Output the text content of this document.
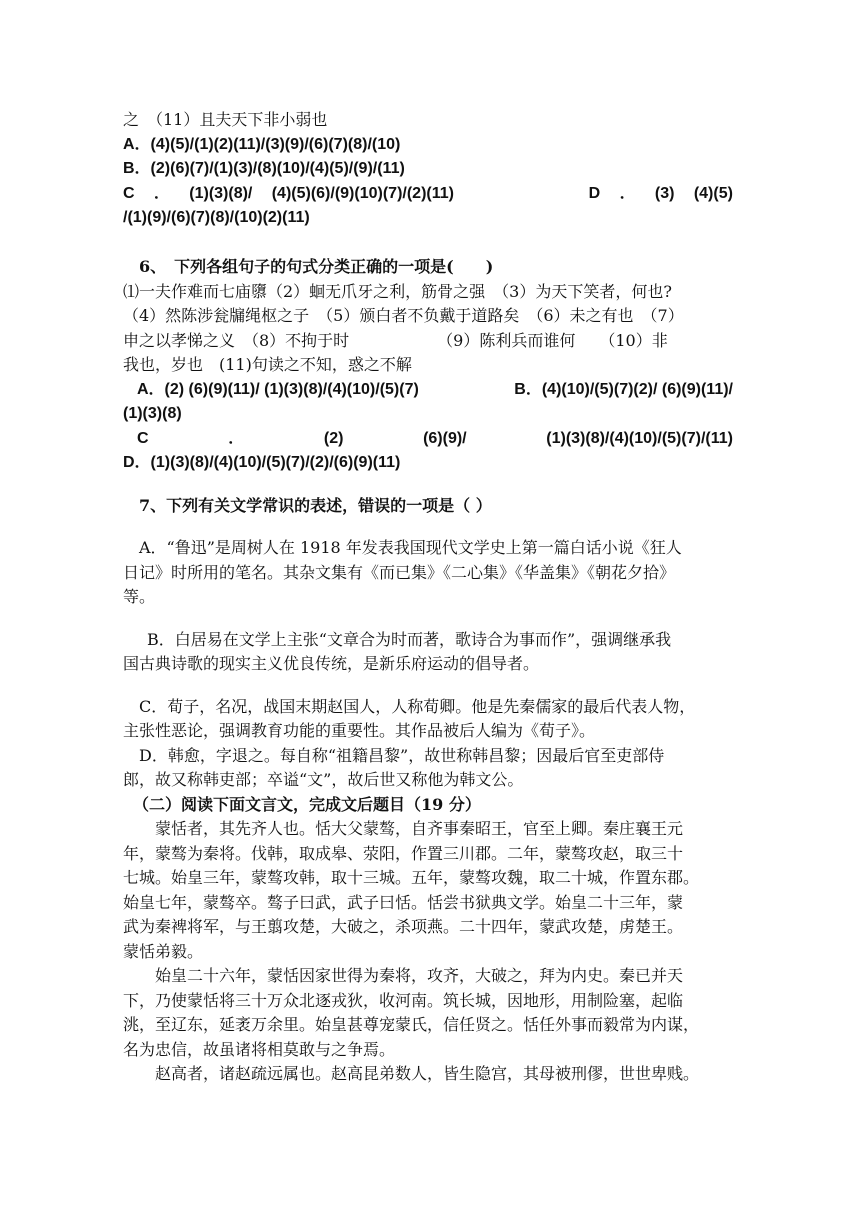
之　（11）且夫天下非小弱也
A．(4)(5)/(1)(2)(11)/(3)(9)/(6)(7)(8)/(10)
B．(2)(6)(7)/(1)(3)/(8)(10)/(4)(5)/(9)/(11)
C ． (1)(3)(8)/ (4)(5)(6)/(9)(10)(7)/(2)(11)	D ． (3) (4)(5)
/(1)(9)/(6)(7)(8)/(10)(2)(11)
6、　下列各组句子的句式分类正确的一项是(　　)
⑴一夫作难而七庙隳（2）蛔无爪牙之利，筋骨之强　（3）为天下笑者，何也?
（4）然陈涉瓮牖绳枢之子　（5）颁白者不负戴于道路矣　（6）未之有也　（7）
申之以孝悌之义　（8）不拘于时　　　　　　（9）陈利兵而谁何　　（10）非
我也，岁也　(11)句读之不知，惑之不解
A．(2) (6)(9)(11)/ (1)(3)(8)/(4)(10)/(5)(7)	B．(4)(10)/(5)(7)(2)/ (6)(9)(11)/
(1)(3)(8)
C	．	(2)	(6)(9)/	(1)(3)(8)/(4)(10)/(5)(7)/(11)
D．(1)(3)(8)/(4)(10)/(5)(7)/(2)/(6)(9)(11)
7、下列有关文学常识的表述，错误的一项是（ ）
A．“鲁迅”是周树人在 1918 年发表我国现代文学史上第一篇白话小说《狂人
日记》时所用的笔名。其杂文集有《而已集》《二心集》《华盖集》《朝花夕拾》
等。
B．白居易在文学上主张“文章合为时而著，歌诗合为事而作”，强调继承我
国古典诗歌的现实主义优良传统，是新乐府运动的倡导者。
C．荀子，名况，战国末期赵国人，人称荀卿。他是先秦儒家的最后代表人物，
主张性恶论，强调教育功能的重要性。其作品被后人编为《荀子》。
D．韩愈，字退之。每自称“祖籍昌黎”，故世称韩昌黎；因最后官至吏部侍
郎，故又称韩吏部；卒谥“文”，故后世又称他为韩文公。
（二）阅读下面文言文，完成文后题目（19 分）
蒙恬者，其先齐人也。恬大父蒙骜，自齐事秦昭王，官至上卿。秦庄襄王元
年，蒙骜为秦将。伐韩，取成皋、荥阳，作置三川郡。二年，蒙骜攻赵，取三十
七城。始皇三年，蒙骜攻韩，取十三城。五年，蒙骜攻魏，取二十城，作置东郡。
始皇七年，蒙骜卒。骜子曰武，武子曰恬。恬尝书狱典文学。始皇二十三年，蒙
武为秦裨将军，与王翦攻楚，大破之，杀项燕。二十四年，蒙武攻楚，虏楚王。
蒙恬弟毅。
始皇二十六年，蒙恬因家世得为秦将，攻齐，大破之，拜为内史。秦已并天
下，乃使蒙恬将三十万众北逐戎狄，收河南。筑长城，因地形，用制险塞，起临
洮，至辽东，延袤万余里。始皇甚尊宠蒙氏，信任贤之。恬任外事而毅常为内谋，
名为忠信，故虽诸将相莫敢与之争焉。
赵高者，诸赵疏远属也。赵高昆弟数人，皆生隐宫，其母被刑僇，世世卑贱。
